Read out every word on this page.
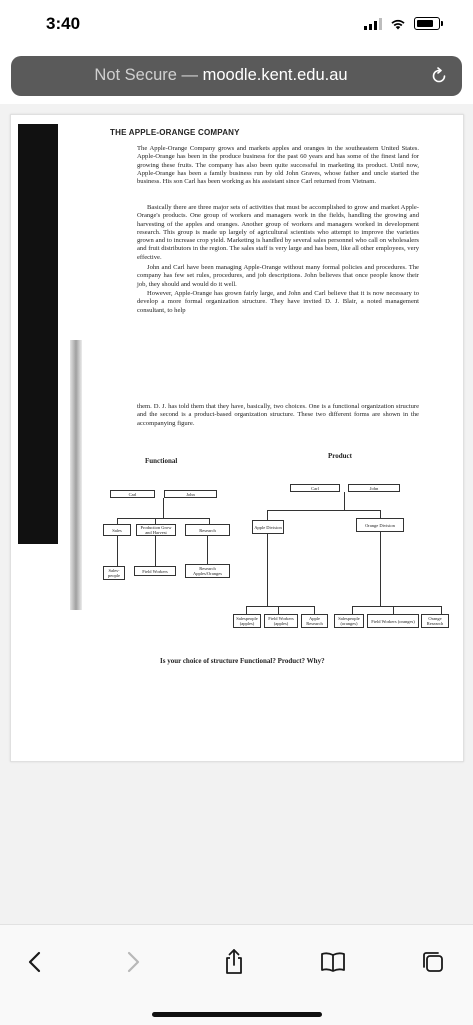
3:40
Not Secure — moodle.kent.edu.au
THE APPLE-ORANGE COMPANY
The Apple-Orange Company grows and markets apples and oranges in the southeastern United States. Apple-Orange has been in the produce business for the past 60 years and has some of the finest land for growing these fruits. The company has also been quite successful in marketing its product. Until now, Apple-Orange has been a family business run by old John Graves, whose father and uncle started the business. His son Carl has been working as his assistant since Carl returned from Vietnam.
Basically there are three major sets of activities that must be accomplished to grow and market Apple-Orange's products. One group of workers and managers work in the fields, handling the growing and harvesting of the apples and oranges. Another group of workers and managers worked in development research. This group is made up largely of agricultural scientists who attempt to improve the varieties grown and to increase crop yield. Marketing is handled by several sales personnel who call on wholesalers and fruit distributors in the region. The sales staff is very large and has been, like all other employees, very effective.
John and Carl have been managing Apple-Orange without many formal policies and procedures. The company has few set rules, procedures, and job descriptions. John believes that once people know their job, they should and would do it well.
However, Apple-Orange has grown fairly large, and John and Carl believe that it is now necessary to develop a more formal organization structure. They have invited D. J. Blair, a noted management consultant, to help
them. D. J. has told them that they have, basically, two choices. One is a functional organization structure and the second is a product-based organization structure. These two different forms are shown in the accompanying figure.
Functional
Carl	John
Sales	Production Grow and Harvest	Research
Sales-people
Field Workers	Research Apples/Oranges
Product
Carl	John
Apple Division	Orange Division
Salespeople (apples)
Field Workers (apples)
Apple Research
Salespeople (oranges)	Field Workers (oranges)	Orange Research
Is your choice of structure Functional? Product? Why?
